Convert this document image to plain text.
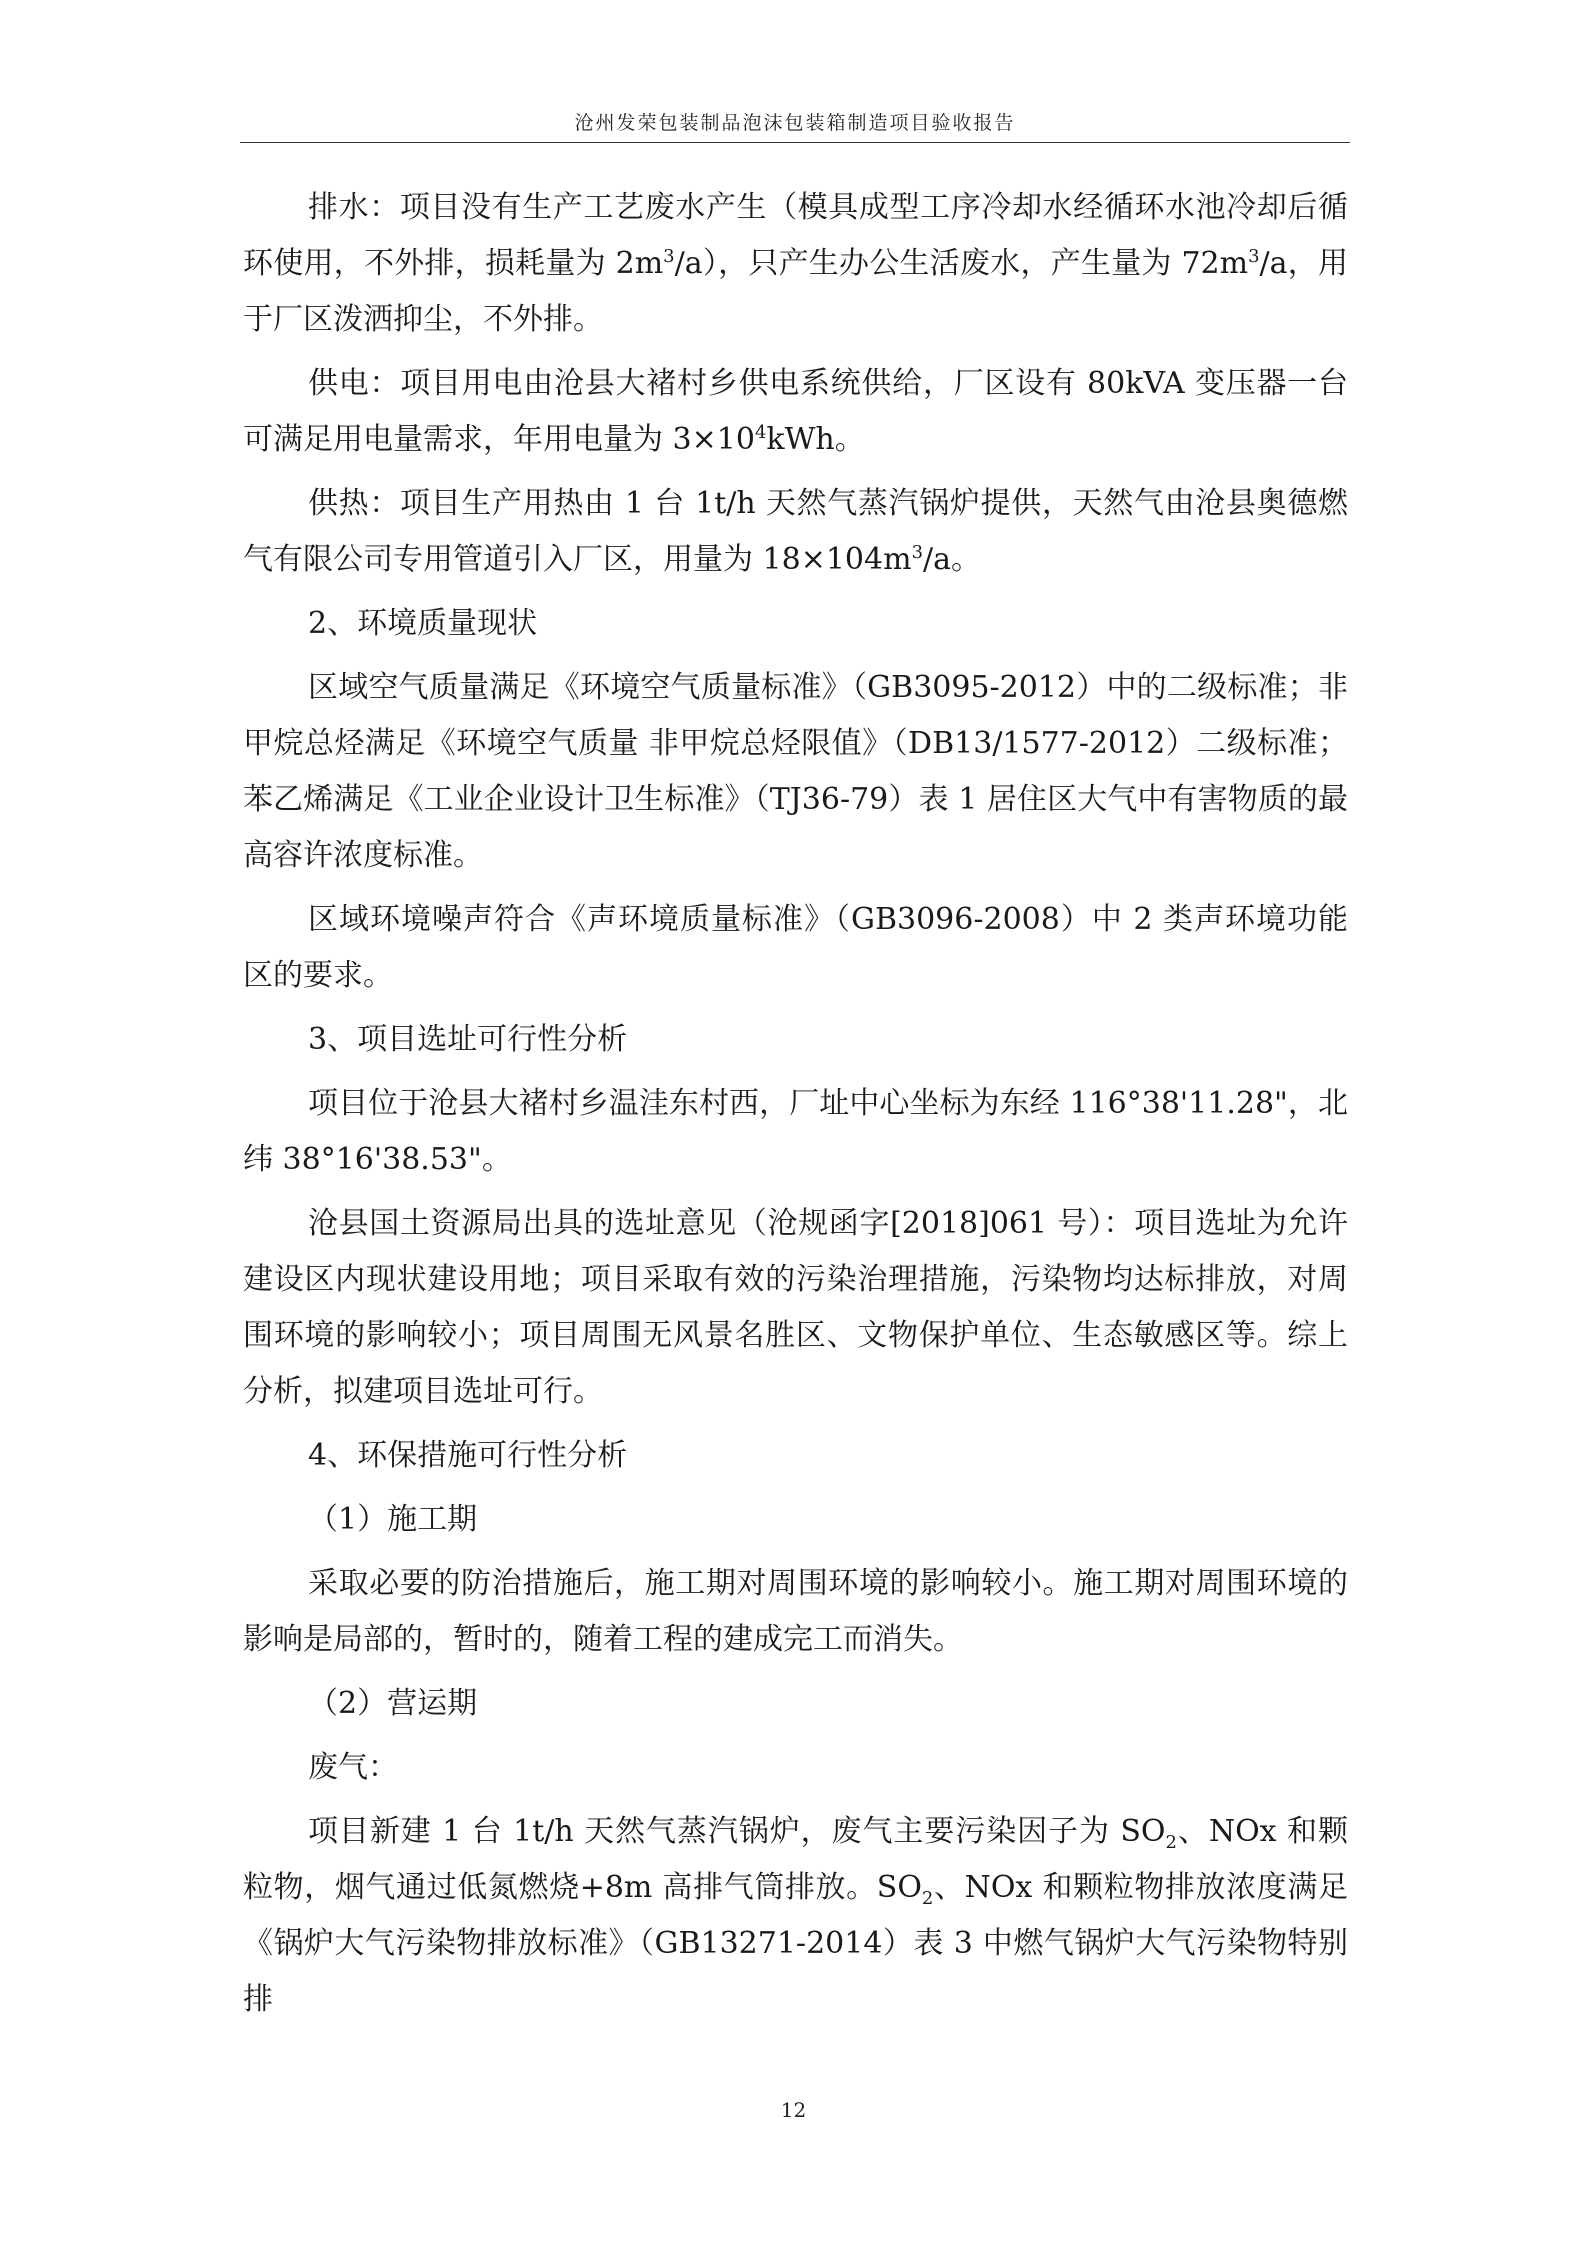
沧州发荣包装制品泡沫包装箱制造项目验收报告

排水：项目没有生产工艺废水产生（模具成型工序冷却水经循环水池冷却后循环使用，不外排，损耗量为 $2m^3/a$），只产生办公生活废水，产生量为 $72m^3/a$，用于厂区泼洒抑尘，不外排。

供电：项目用电由沧县大褚村乡供电系统供给，厂区设有 80kVA 变压器一台可满足用电量需求，年用电量为 $3\times 10^4kWh$。

供热：项目生产用热由 1 台 1t/h 天然气蒸汽锅炉提供，天然气由沧县奥德燃气有限公司专用管道引入厂区，用量为 $18\times 104m^3/a$。

2、环境质量现状

区域空气质量满足《环境空气质量标准》（GB3095-2012）中的二级标准；非甲烷总烃满足《环境空气质量 非甲烷总烃限值》（DB13/1577-2012）二级标准；苯乙烯满足《工业企业设计卫生标准》（TJ36-79）表 1 居住区大气中有害物质的最高容许浓度标准。

区域环境噪声符合《声环境质量标准》（GB3096-2008）中 2 类声环境功能区的要求。

3、项目选址可行性分析

项目位于沧县大褚村乡温洼东村西，厂址中心坐标为东经 116°38'11.28"，北纬 38°16'38.53"。

沧县国土资源局出具的选址意见（沧规函字[2018]061 号）：项目选址为允许建设区内现状建设用地；项目采取有效的污染治理措施，污染物均达标排放，对周围环境的影响较小；项目周围无风景名胜区、文物保护单位、生态敏感区等。综上分析，拟建项目选址可行。

4、环保措施可行性分析

（1）施工期

采取必要的防治措施后，施工期对周围环境的影响较小。施工期对周围环境的影响是局部的，暂时的，随着工程的建成完工而消失。

（2）营运期

废气：

项目新建 1 台 1t/h 天然气蒸汽锅炉，废气主要污染因子为 $SO_2$、NOx 和颗粒物，烟气通过低氮燃烧+8m 高排气筒排放。$SO_2$、NOx 和颗粒物排放浓度满足《锅炉大气污染物排放标准》（GB13271-2014）表 3 中燃气锅炉大气污染物特别排

12
